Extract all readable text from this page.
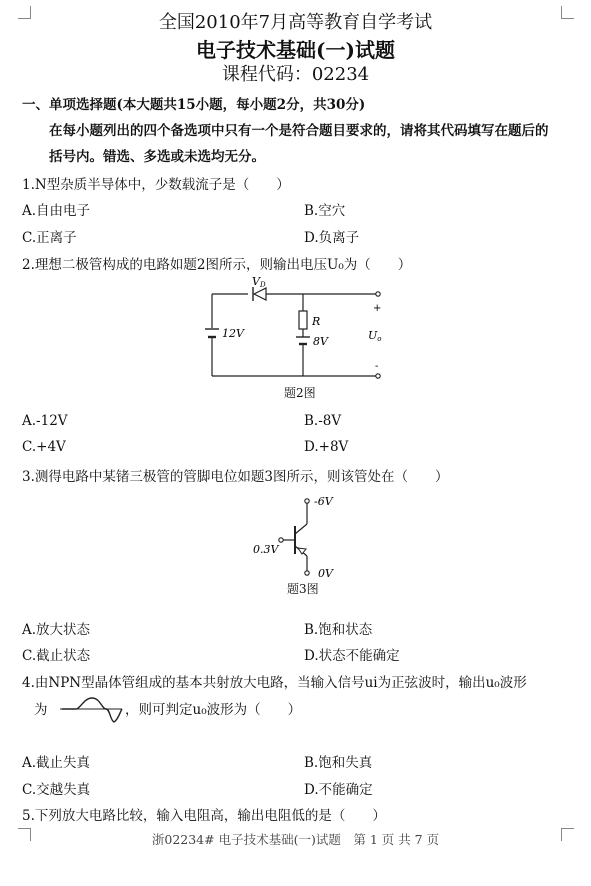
全国2010年7月高等教育自学考试
电子技术基础(一)试题
课程代码：02234
一、单项选择题(本大题共15小题，每小题2分，共30分)
在每小题列出的四个备选项中只有一个是符合题目要求的，请将其代码填写在题后的
括号内。错选、多选或未选均无分。
1.N型杂质半导体中，少数载流子是（　　）
A.自由电子	B.空穴
C.正离子	D.负离子
2.理想二极管构成的电路如题2图所示，则输出电压U₀为（　　）
VD
12V
R
8V
+
-
Uo
题2图
A.-12V	B.-8V
C.+4V	D.+8V
3.测得电路中某锗三极管的管脚电位如题3图所示，则该管处在（　　）
-6V
0.3V
0V
题3图
A.放大状态	B.饱和状态
C.截止状态	D.状态不能确定
4.由NPN型晶体管组成的基本共射放大电路，当输入信号ui为正弦波时，输出u₀波形
为	，则可判定u₀波形为（　　）
A.截止失真	B.饱和失真
C.交越失真	D.不能确定
5.下列放大电路比较，输入电阻高，输出电阻低的是（　　）
浙02234# 电子技术基础(一)试题　第 1 页 共 7 页
